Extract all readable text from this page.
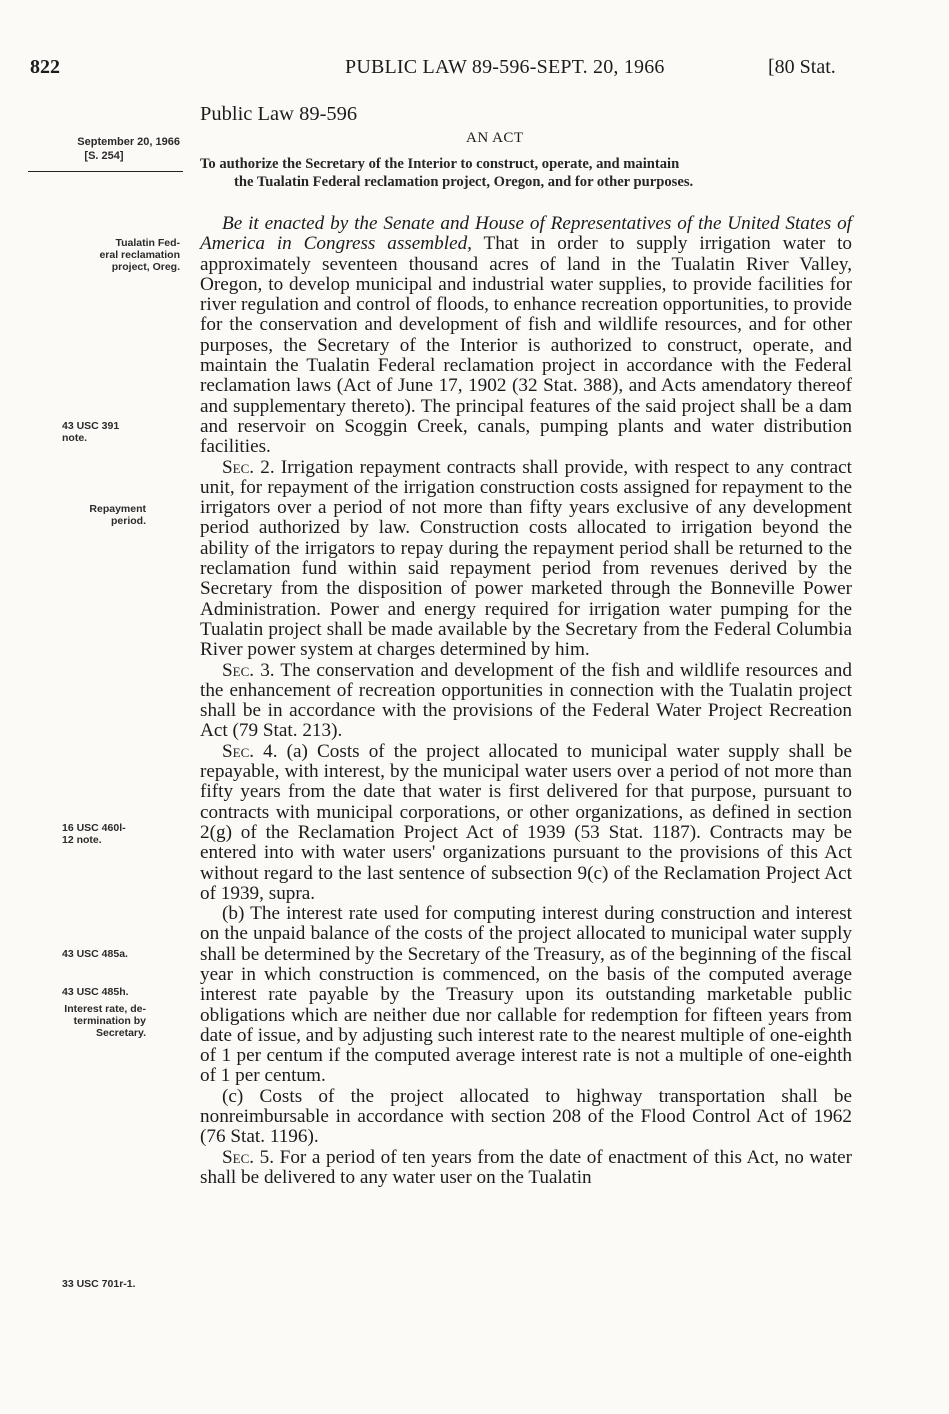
822	PUBLIC LAW 89-596-SEPT. 20, 1966	[80 Stat.
September 20, 1966
[S. 254]
Tualatin Fed-
eral reclamation
project, Oreg.
43 USC 391
note.
Repayment
period.
16 USC 460l-
12 note.
43 USC 485a.
43 USC 485h.
Interest rate, de-
termination by
Secretary.
33 USC 701r-1.
Public Law 89-596
AN ACT
To authorize the Secretary of the Interior to construct, operate, and maintain
the Tualatin Federal reclamation project, Oregon, and for other purposes.

Be it enacted by the Senate and House of Representatives of the United States of America in Congress assembled, That in order to supply irrigation water to approximately seventeen thousand acres of land in the Tualatin River Valley, Oregon, to develop municipal and industrial water supplies, to provide facilities for river regulation and control of floods, to enhance recreation opportunities, to provide for the conservation and development of fish and wildlife resources, and for other purposes, the Secretary of the Interior is authorized to construct, operate, and maintain the Tualatin Federal reclamation project in accordance with the Federal reclamation laws (Act of June 17, 1902 (32 Stat. 388), and Acts amendatory thereof and supplementary thereto). The principal features of the said project shall be a dam and reservoir on Scoggin Creek, canals, pumping plants and water distribution facilities.

Sec. 2. Irrigation repayment contracts shall provide, with respect to any contract unit, for repayment of the irrigation construction costs assigned for repayment to the irrigators over a period of not more than fifty years exclusive of any development period authorized by law. Construction costs allocated to irrigation beyond the ability of the irrigators to repay during the repayment period shall be returned to the reclamation fund within said repayment period from revenues derived by the Secretary from the disposition of power marketed through the Bonneville Power Administration. Power and energy required for irrigation water pumping for the Tualatin project shall be made available by the Secretary from the Federal Columbia River power system at charges determined by him.

Sec. 3. The conservation and development of the fish and wildlife resources and the enhancement of recreation opportunities in connection with the Tualatin project shall be in accordance with the provisions of the Federal Water Project Recreation Act (79 Stat. 213).

Sec. 4. (a) Costs of the project allocated to municipal water supply shall be repayable, with interest, by the municipal water users over a period of not more than fifty years from the date that water is first delivered for that purpose, pursuant to contracts with municipal corporations, or other organizations, as defined in section 2(g) of the Reclamation Project Act of 1939 (53 Stat. 1187). Contracts may be entered into with water users' organizations pursuant to the provisions of this Act without regard to the last sentence of subsection 9(c) of the Reclamation Project Act of 1939, supra.

(b) The interest rate used for computing interest during construction and interest on the unpaid balance of the costs of the project allocated to municipal water supply shall be determined by the Secretary of the Treasury, as of the beginning of the fiscal year in which construction is commenced, on the basis of the computed average interest rate payable by the Treasury upon its outstanding marketable public obligations which are neither due nor callable for redemption for fifteen years from date of issue, and by adjusting such interest rate to the nearest multiple of one-eighth of 1 per centum if the computed average interest rate is not a multiple of one-eighth of 1 per centum.

(c) Costs of the project allocated to highway transportation shall be nonreimbursable in accordance with section 208 of the Flood Control Act of 1962 (76 Stat. 1196).

Sec. 5. For a period of ten years from the date of enactment of this Act, no water shall be delivered to any water user on the Tualatin
